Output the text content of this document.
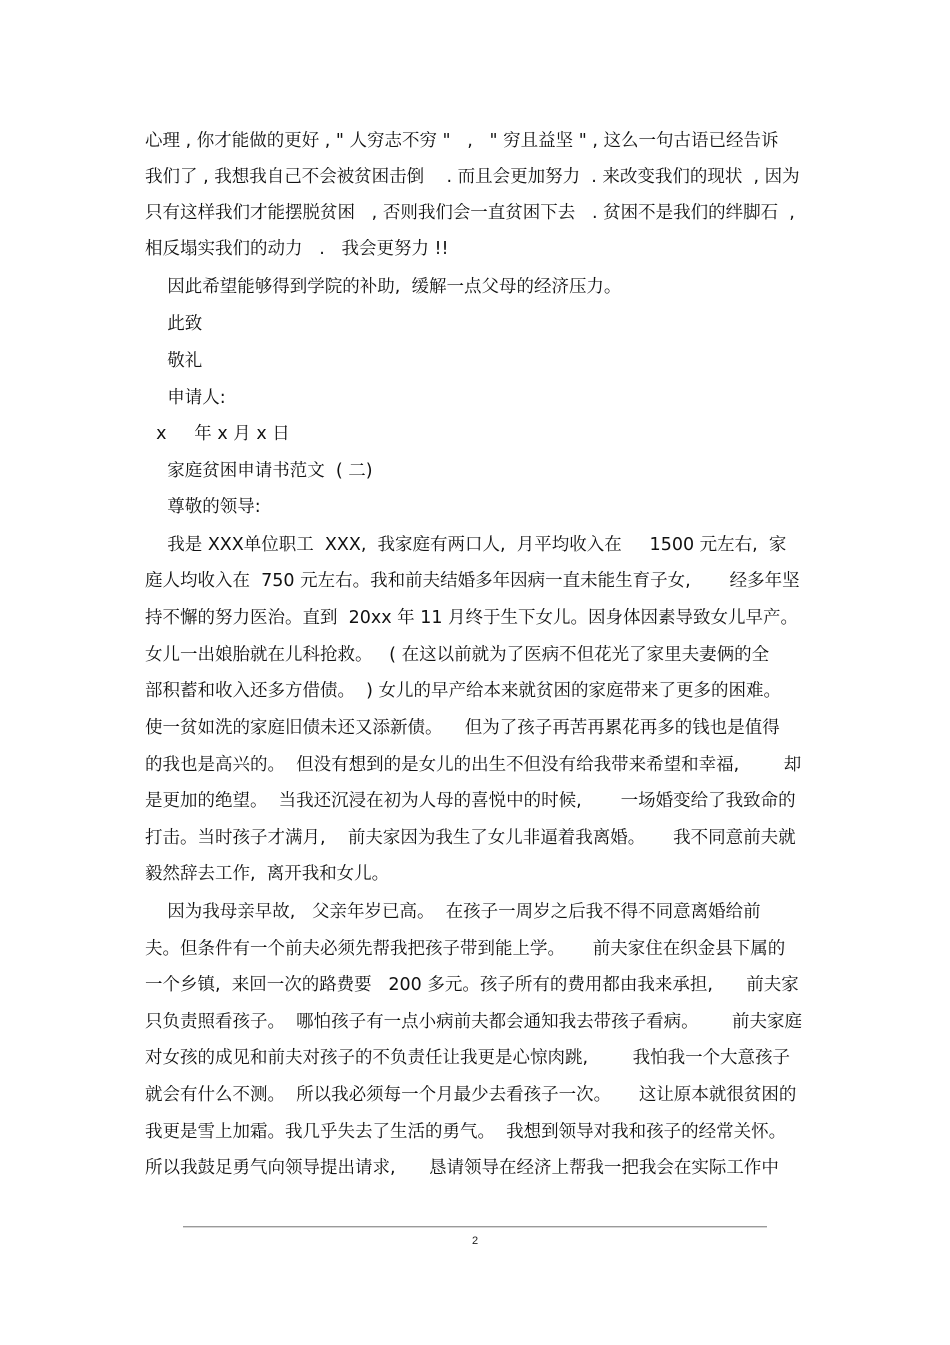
心理 , 你才能做的更好 , " 人穷志不穷 "   ,   " 穷且益坚 " , 这么一句古语已经告诉
我们了 , 我想我自己不会被贫困击倒    . 而且会更加努力  . 来改变我们的现状  , 因为
只有这样我们才能摆脱贫困   , 否则我们会一直贫困下去   . 贫困不是我们的绊脚石  ,
相反塌实我们的动力   .   我会更努力 !!
因此希望能够得到学院的补助,  缓解一点父母的经济压力。
此致
敬礼
申请人:
x     年 x 月 x 日
家庭贫困申请书范文  ( 二)
尊敬的领导:
我是 XXX单位职工  XXX,  我家庭有两口人,  月平均收入在     1500 元左右,  家
庭人均收入在  750 元左右。我和前夫结婚多年因病一直未能生育子女,       经多年坚
持不懈的努力医治。直到  20xx 年 11 月终于生下女儿。因身体因素导致女儿早产。
女儿一出娘胎就在儿科抢救。   ( 在这以前就为了医病不但花光了家里夫妻俩的全
部积蓄和收入还多方借债。  ) 女儿的早产给本来就贫困的家庭带来了更多的困难。
使一贫如洗的家庭旧债未还又添新债。    但为了孩子再苦再累花再多的钱也是值得
的我也是高兴的。  但没有想到的是女儿的出生不但没有给我带来希望和幸福,        却
是更加的绝望。  当我还沉浸在初为人母的喜悦中的时候,       一场婚变给了我致命的
打击。当时孩子才满月,    前夫家因为我生了女儿非逼着我离婚。     我不同意前夫就
毅然辞去工作,  离开我和女儿。
因为我母亲早故,   父亲年岁已高。  在孩子一周岁之后我不得不同意离婚给前
夫。但条件有一个前夫必须先帮我把孩子带到能上学。     前夫家住在织金县下属的
一个乡镇,  来回一次的路费要   200 多元。孩子所有的费用都由我来承担,      前夫家
只负责照看孩子。  哪怕孩子有一点小病前夫都会通知我去带孩子看病。      前夫家庭
对女孩的成见和前夫对孩子的不负责任让我更是心惊肉跳,        我怕我一个大意孩子
就会有什么不测。  所以我必须每一个月最少去看孩子一次。     这让原本就很贫困的
我更是雪上加霜。我几乎失去了生活的勇气。  我想到领导对我和孩子的经常关怀。
所以我鼓足勇气向领导提出请求,      恳请领导在经济上帮我一把我会在实际工作中
2
